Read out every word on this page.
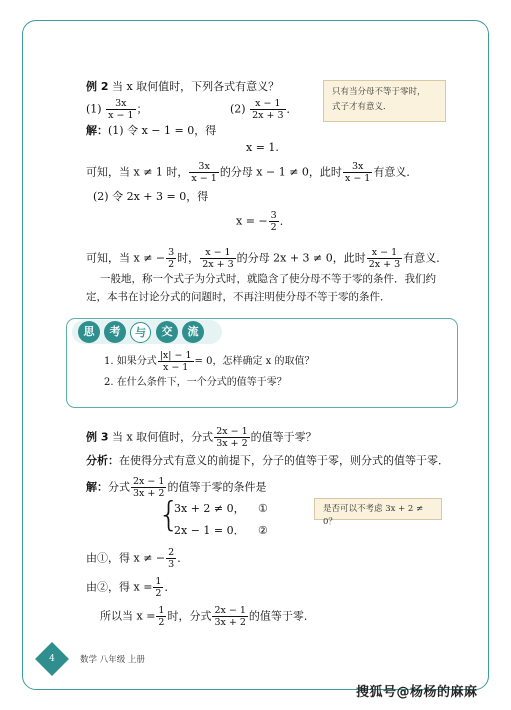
例 2 当 x 取何值时，下列各式有意义？
$(1) \frac{3x}{x - 1}$ ；	$(2) \frac{x - 1}{2x + 3}$ ．
只有当分母不等于零时，
式子才有意义．
解：(1) 令 x − 1 = 0，得
x = 1.
可知，当 x ≠ 1 时， $\frac{3x}{x - 1}$ 的分母 x − 1 ≠ 0，此时 $\frac{3x}{x - 1}$ 有意义．
(2) 令 2x + 3 = 0，得
x = − $\frac{3}{2}$ ．
可知，当 x ≠ − $\frac{3}{2}$ 时， $\frac{x - 1}{2x + 3}$ 的分母 2x + 3 ≠ 0，此时 $\frac{x - 1}{2x + 3}$ 有意义．
一般地，称一个式子为分式时，就隐含了使分母不等于零的条件．我们约
定，本书在讨论分式的问题时，不再注明使分母不等于零的条件．
思	考	与	交	流
1. 如果分式 $\frac{|x| - 1}{x - 1} = 0$，怎样确定 x 的取值？
2. 在什么条件下，一个分式的值等于零？
例 3 当 x 取何值时，分式 $\frac{2x - 1}{3x + 2}$ 的值等于零？
分析：在使得分式有意义的前提下，分子的值等于零，则分式的值等于零．
解：分式 $\frac{2x - 1}{3x + 2}$ 的值等于零的条件是
{
3x + 2 ≠ 0， ①
2x − 1 = 0． ②
是否可以不考虑 3x + 2 ≠ 0？
由①，得 x ≠ − $\frac{2}{3}$ ．
由②，得 $x = \frac{1}{2}$ ．
所以当 $x = \frac{1}{2}$ 时，分式 $\frac{2x - 1}{3x + 2}$ 的值等于零．
4	数学 八年级 上册
搜狐号@杨杨的麻麻
